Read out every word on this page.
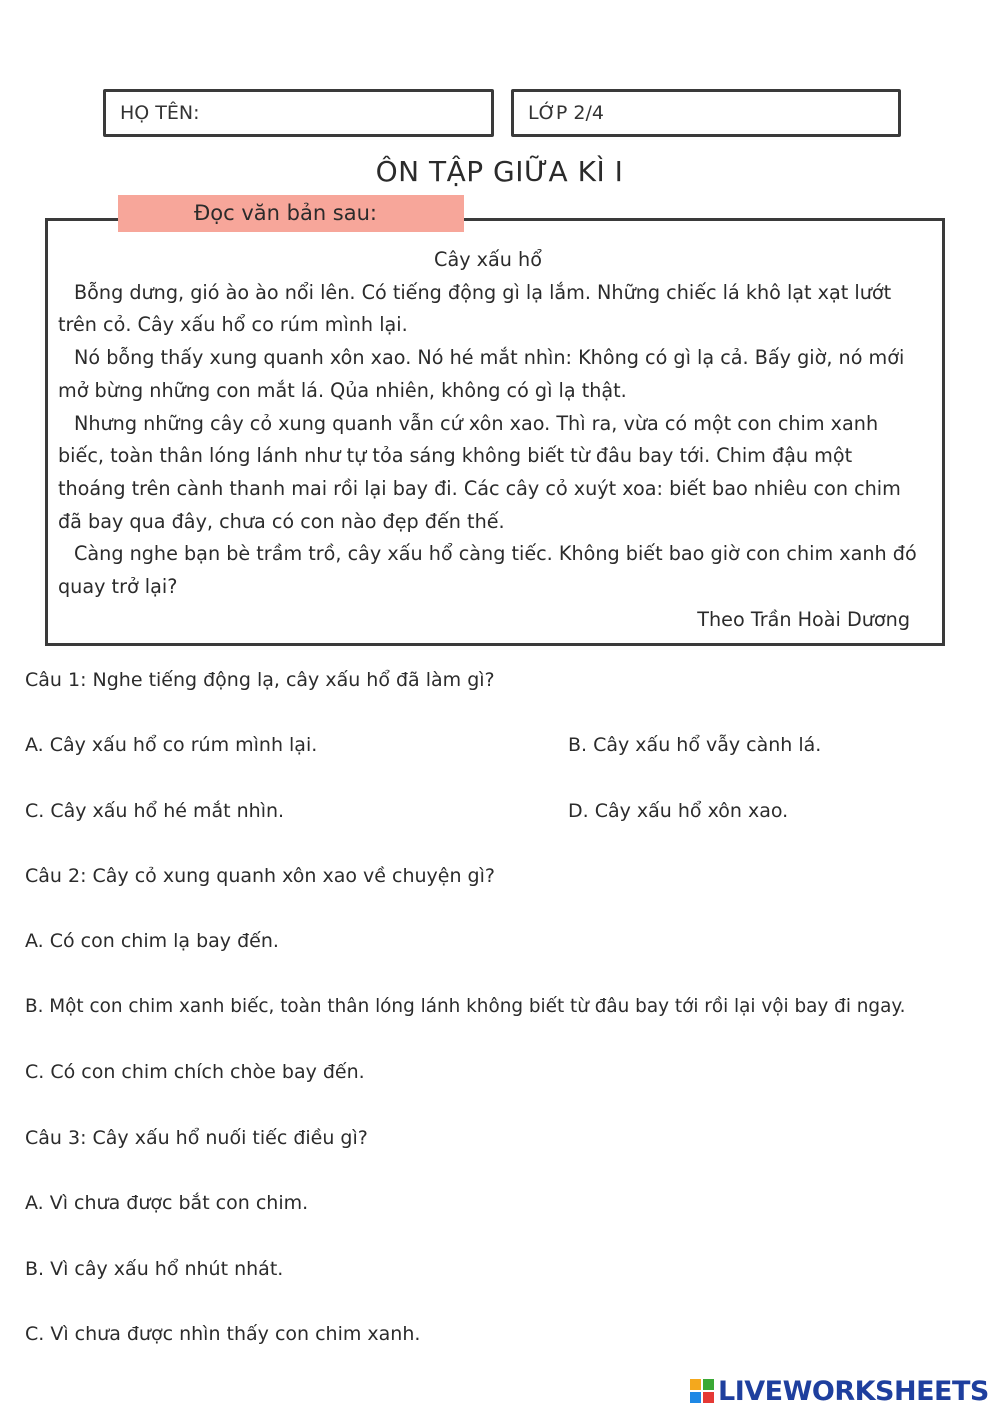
HỌ TÊN:	LỚP 2/4
ÔN TẬP GIỮA KÌ I
Đọc văn bản sau:
Cây xấu hổ

Bỗng dưng, gió ào ào nổi lên. Có tiếng động gì lạ lắm. Những chiếc lá khô lạt xạt lướt trên cỏ. Cây xấu hổ co rúm mình lại.

Nó bỗng thấy xung quanh xôn xao. Nó hé mắt nhìn: Không có gì lạ cả. Bấy giờ, nó mới mở bừng những con mắt lá. Qủa nhiên, không có gì lạ thật.

Nhưng những cây cỏ xung quanh vẫn cứ xôn xao. Thì ra, vừa có một con chim xanh biếc, toàn thân lóng lánh như tự tỏa sáng không biết từ đâu bay tới. Chim đậu một thoáng trên cành thanh mai rồi lại bay đi. Các cây cỏ xuýt xoa: biết bao nhiêu con chim đã bay qua đây, chưa có con nào đẹp đến thế.

Càng nghe bạn bè trầm trồ, cây xấu hổ càng tiếc. Không biết bao giờ con chim xanh đó quay trở lại?

Theo Trần Hoài Dương
Câu 1: Nghe tiếng động lạ, cây xấu hổ đã làm gì?
A. Cây xấu hổ co rúm mình lại.	B. Cây xấu hổ vẫy cành lá.
C. Cây xấu hổ hé mắt nhìn.	D. Cây xấu hổ xôn xao.
Câu 2: Cây cỏ xung quanh xôn xao về chuyện gì?
A. Có con chim lạ bay đến.
B. Một con chim xanh biếc, toàn thân lóng lánh không biết từ đâu bay tới rồi lại vội bay đi ngay.
C. Có con chim chích chòe bay đến.
Câu 3: Cây xấu hổ nuối tiếc điều gì?
A. Vì chưa được bắt con chim.
B. Vì cây xấu hổ nhút nhát.
C. Vì chưa được nhìn thấy con chim xanh.
LIVEWORKSHEETS
